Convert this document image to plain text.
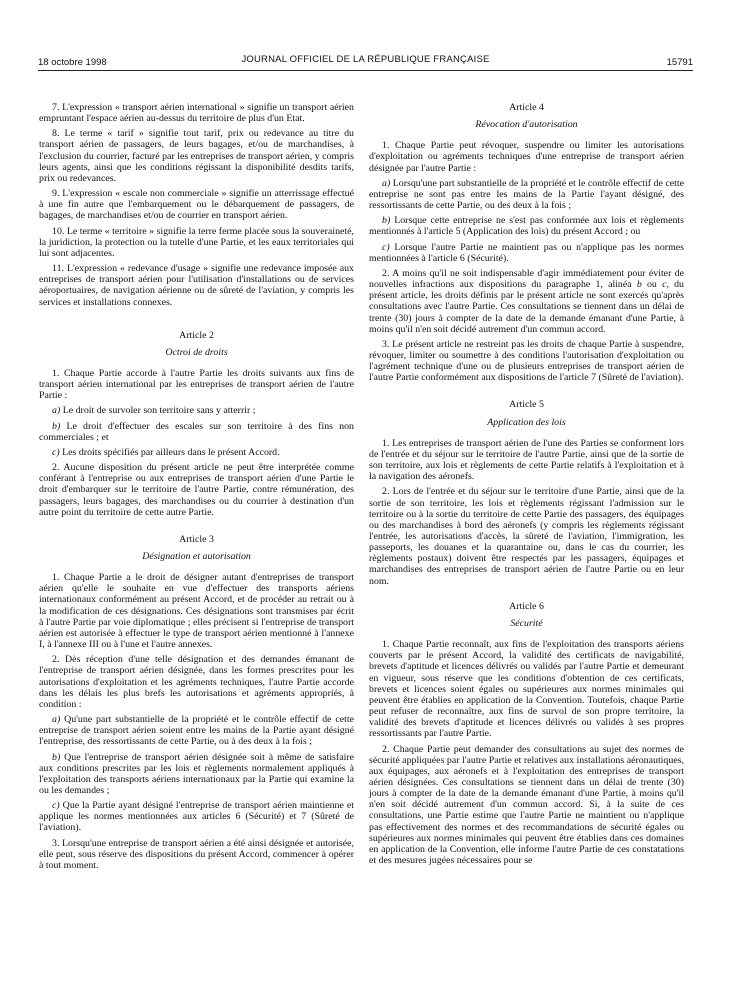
18 octobre 1998	JOURNAL OFFICIEL DE LA RÉPUBLIQUE FRANÇAISE	15791

7. L'expression « transport aérien international » signifie un transport aérien empruntant l'espace aérien au-dessus du territoire de plus d'un Etat.

8. Le terme « tarif » signifie tout tarif, prix ou redevance au titre du transport aérien de passagers, de leurs bagages, et/ou de marchandises, à l'exclusion du courrier, facturé par les entreprises de transport aérien, y compris leurs agents, ainsi que les conditions régissant la disponibilité desdits tarifs, prix ou redevances.

9. L'expression « escale non commerciale » signifie un atterrissage effectué à une fin autre que l'embarquement ou le débarquement de passagers, de bagages, de marchandises et/ou de courrier en transport aérien.

10. Le terme « territoire » signifie la terre ferme placée sous la souveraineté, la juridiction, la protection ou la tutelle d'une Partie, et les eaux territoriales qui lui sont adjacentes.

11. L'expression « redevance d'usage » signifie une redevance imposée aux entreprises de transport aérien pour l'utilisation d'installations ou de services aéroportuaires, de navigation aérienne ou de sûreté de l'aviation, y compris les services et installations connexes.

Article 2

Octroi de droits

1. Chaque Partie accorde à l'autre Partie les droits suivants aux fins de transport aérien international par les entreprises de transport aérien de l'autre Partie :

a) Le droit de survoler son territoire sans y atterrir ;

b) Le droit d'effectuer des escales sur son territoire à des fins non commerciales ; et

c) Les droits spécifiés par ailleurs dans le présent Accord.

2. Aucune disposition du présent article ne peut être interprétée comme conférant à l'entreprise ou aux entreprises de transport aérien d'une Partie le droit d'embarquer sur le territoire de l'autre Partie, contre rémunération, des passagers, leurs bagages, des marchandises ou du courrier à destination d'un autre point du territoire de cette autre Partie.

Article 3

Désignation et autorisation

1. Chaque Partie a le droit de désigner autant d'entreprises de transport aérien qu'elle le souhaite en vue d'effectuer des transports aériens internationaux conformément au présent Accord, et de procéder au retrait ou à la modification de ces désignations. Ces désignations sont transmises par écrit à l'autre Partie par voie diplomatique ; elles précisent si l'entreprise de transport aérien est autorisée à effectuer le type de transport aérien mentionné à l'annexe I, à l'annexe III ou à l'une et l'autre annexes.

2. Dès réception d'une telle désignation et des demandes émanant de l'entreprise de transport aérien désignée, dans les formes prescrites pour les autorisations d'exploitation et les agréments techniques, l'autre Partie accorde dans les délais les plus brefs les autorisations et agréments appropriés, à condition :

a) Qu'une part substantielle de la propriété et le contrôle effectif de cette entreprise de transport aérien soient entre les mains de la Partie ayant désigné l'entreprise, des ressortissants de cette Partie, ou à des deux à la fois ;

b) Que l'entreprise de transport aérien désignée soit à même de satisfaire aux conditions prescrites par les lois et règlements normalement appliqués à l'exploitation des transports aériens internationaux par la Partie qui examine la ou les demandes ;

c) Que la Partie ayant désigné l'entreprise de transport aérien maintienne et applique les normes mentionnées aux articles 6 (Sécurité) et 7 (Sûreté de l'aviation).

3. Lorsqu'une entreprise de transport aérien a été ainsi désignée et autorisée, elle peut, sous réserve des dispositions du présent Accord, commencer à opérer à tout moment.

Article 4

Révocation d'autorisation

1. Chaque Partie peut révoquer, suspendre ou limiter les autorisations d'exploitation ou agréments techniques d'une entreprise de transport aérien désignée par l'autre Partie :

a) Lorsqu'une part substantielle de la propriété et le contrôle effectif de cette entreprise ne sont pas entre les mains de la Partie l'ayant désigné, des ressortissants de cette Partie, ou des deux à la fois ;

b) Lorsque cette entreprise ne s'est pas conformée aux lois et règlements mentionnés à l'article 5 (Application des lois) du présent Accord ; ou

c) Lorsque l'autre Partie ne maintient pas ou n'applique pas les normes mentionnées à l'article 6 (Sécurité).

2. A moins qu'il ne soit indispensable d'agir immédiatement pour éviter de nouvelles infractions aux dispositions du paragraphe 1, alinéa b ou c, du présent article, les droits définis par le présent article ne sont exercés qu'après consultations avec l'autre Partie. Ces consultations se tiennent dans un délai de trente (30) jours à compter de la date de la demande émanant d'une Partie, à moins qu'il n'en soit décidé autrement d'un commun accord.

3. Le présent article ne restreint pas les droits de chaque Partie à suspendre, révoquer, limiter ou soumettre à des conditions l'autorisation d'exploitation ou l'agrément technique d'une ou de plusieurs entreprises de transport aérien de l'autre Partie conformément aux dispositions de l'article 7 (Sûreté de l'aviation).

Article 5

Application des lois

1. Les entreprises de transport aérien de l'une des Parties se conforment lors de l'entrée et du séjour sur le territoire de l'autre Partie, ainsi que de la sortie de son territoire, aux lois et règlements de cette Partie relatifs à l'exploitation et à la navigation des aéronefs.

2. Lors de l'entrée et du séjour sur le territoire d'une Partie, ainsi que de la sortie de son territoire, les lois et règlements régissant l'admission sur le territoire ou à la sortie du territoire de cette Partie des passagers, des équipages ou des marchandises à bord des aéronefs (y compris les règlements régissant l'entrée, les autorisations d'accès, la sûreté de l'aviation, l'immigration, les passeports, les douanes et la quarantaine ou, dans le cas du courrier, les règlements postaux) doivent être respectés par les passagers, équipages et marchandises des entreprises de transport aérien de l'autre Partie ou en leur nom.

Article 6

Sécurité

1. Chaque Partie reconnaît, aux fins de l'exploitation des transports aériens couverts par le présent Accord, la validité des certificats de navigabilité, brevets d'aptitude et licences délivrés ou validés par l'autre Partie et demeurant en vigueur, sous réserve que les conditions d'obtention de ces certificats, brevets et licences soient égales ou supérieures aux normes minimales qui peuvent être établies en application de la Convention. Toutefois, chaque Partie peut refuser de reconnaître, aux fins de survol de son propre territoire, la validité des brevets d'aptitude et licences délivrés ou validés à ses propres ressortissants par l'autre Partie.

2. Chaque Partie peut demander des consultations au sujet des normes de sécurité appliquées par l'autre Partie et relatives aux installations aéronautiques, aux équipages, aux aéronefs et à l'exploitation des entreprises de transport aérien désignées. Ces consultations se tiennent dans un délai de trente (30) jours à compter de la date de la demande émanant d'une Partie, à moins qu'il n'en soit décidé autrement d'un commun accord. Si, à la suite de ces consultations, une Partie estime que l'autre Partie ne maintient ou n'applique pas effectivement des normes et des recommandations de sécurité égales ou supérieures aux normes minimales qui peuvent être établies dans ces domaines en application de la Convention, elle informe l'autre Partie de ces constatations et des mesures jugées nécessaires pour se
